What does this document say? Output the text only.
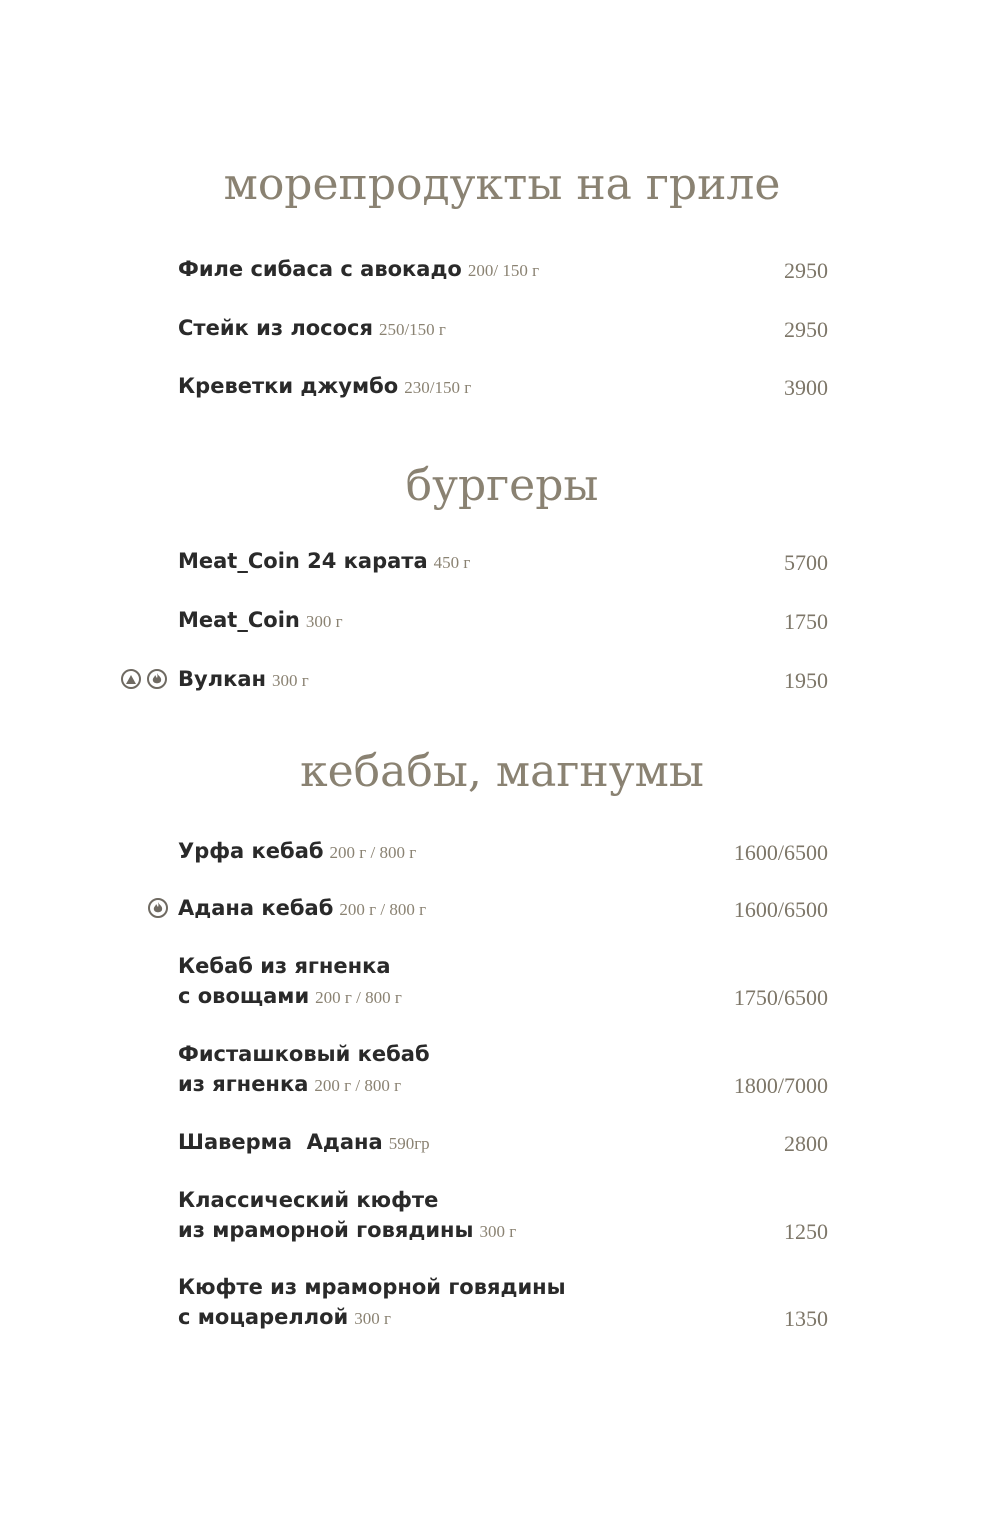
морепродукты на гриле
Филе сибаса с авокадо 200/ 150 г	2950
Стейк из лосося 250/150 г	2950
Креветки джумбо 230/150 г	3900
бургеры
Meat_Coin 24 карата 450 г	5700
Meat_Coin 300 г	1750
Вулкан 300 г	1950
кебабы, магнумы
Урфа кебаб 200 г / 800 г	1600/6500
Адана кебаб 200 г / 800 г	1600/6500
Кебаб из ягненка
с овощами 200 г / 800 г	1750/6500
Фисташковый кебаб
из ягненка 200 г / 800 г	1800/7000
Шаверма  Адана 590гр	2800
Классический кюфте
из мраморной говядины 300 г	1250
Кюфте из мраморной говядины
с моцареллой 300 г	1350
